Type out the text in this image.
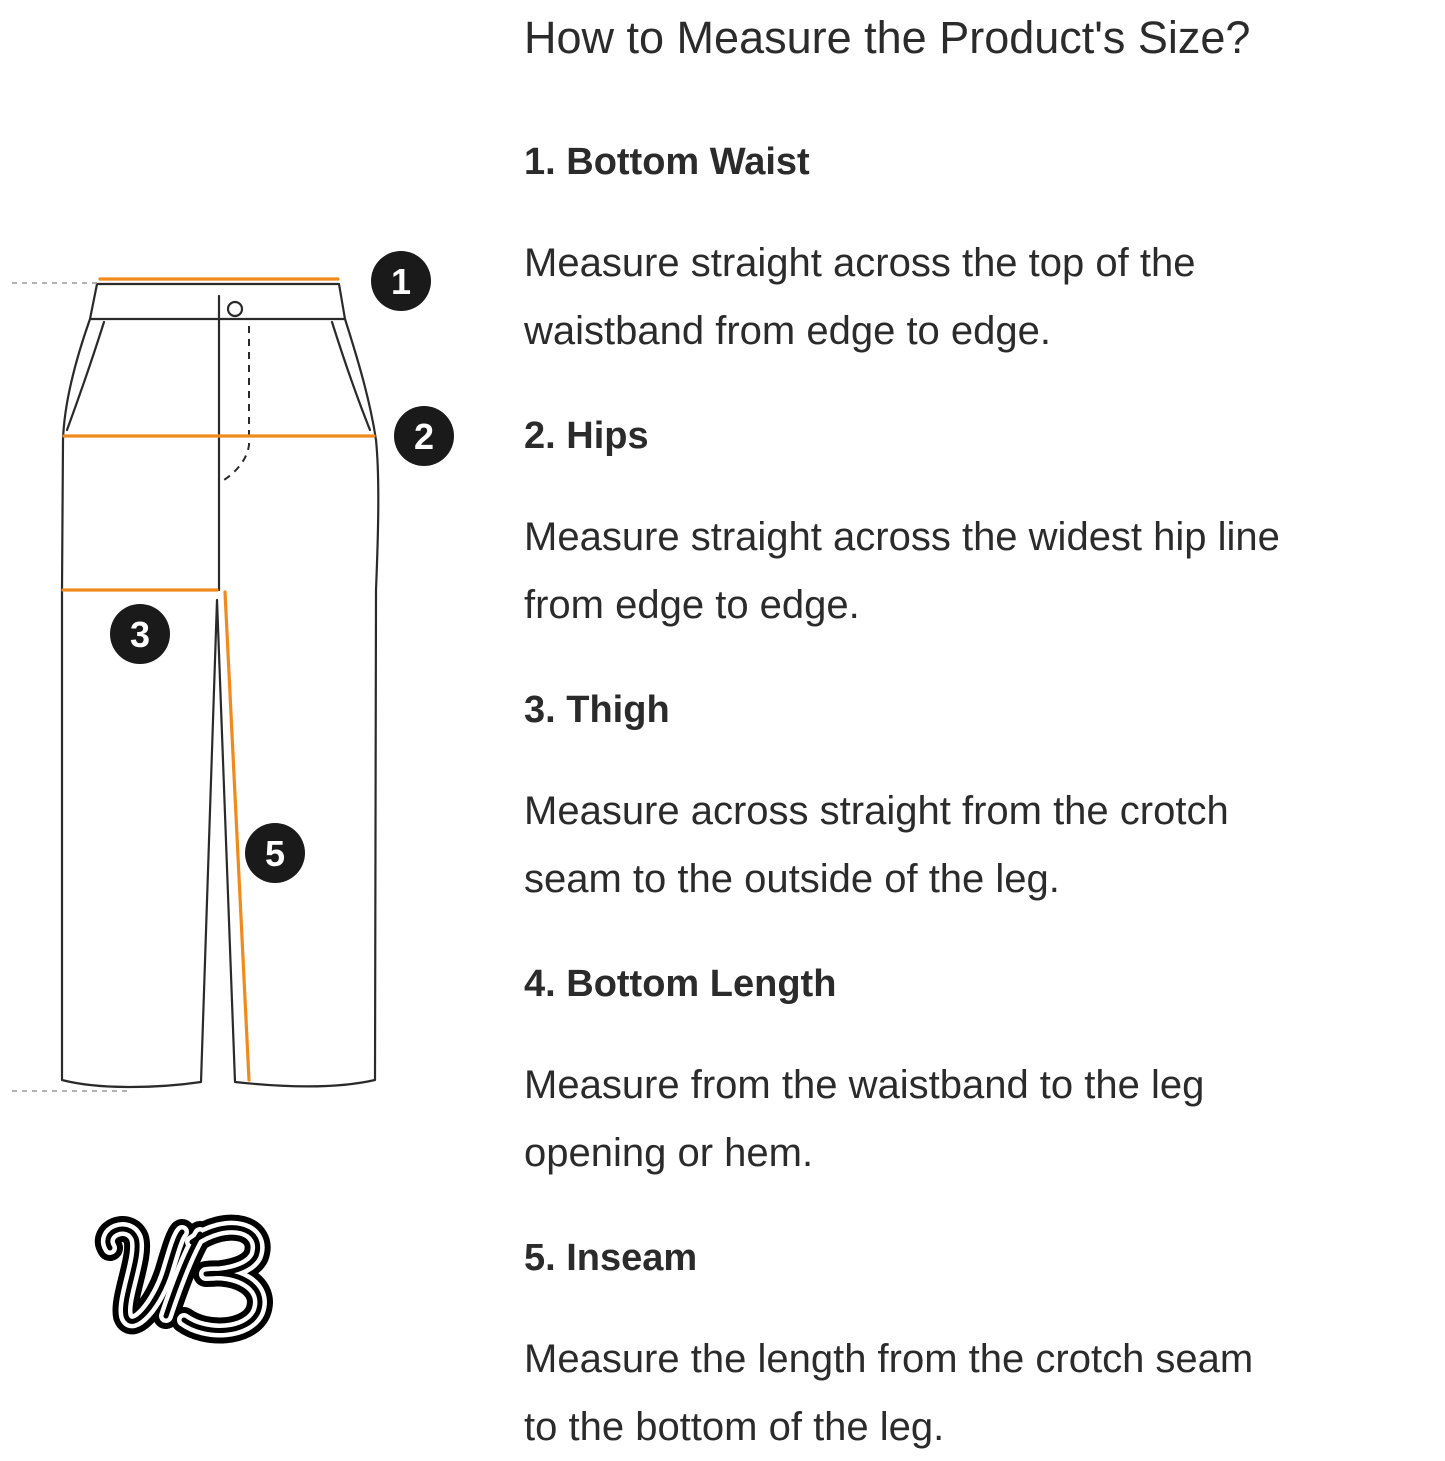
1
2
3
5
How to Measure the Product's Size?
1. Bottom Waist

Measure straight across the top of the
waistband from edge to edge.

2. Hips

Measure straight across the widest hip line
from edge to edge.

3. Thigh

Measure across straight from the crotch
seam to the outside of the leg.

4. Bottom Length

Measure from the waistband to the leg
opening or hem.

5. Inseam

Measure the length from the crotch seam
to the bottom of the leg.
